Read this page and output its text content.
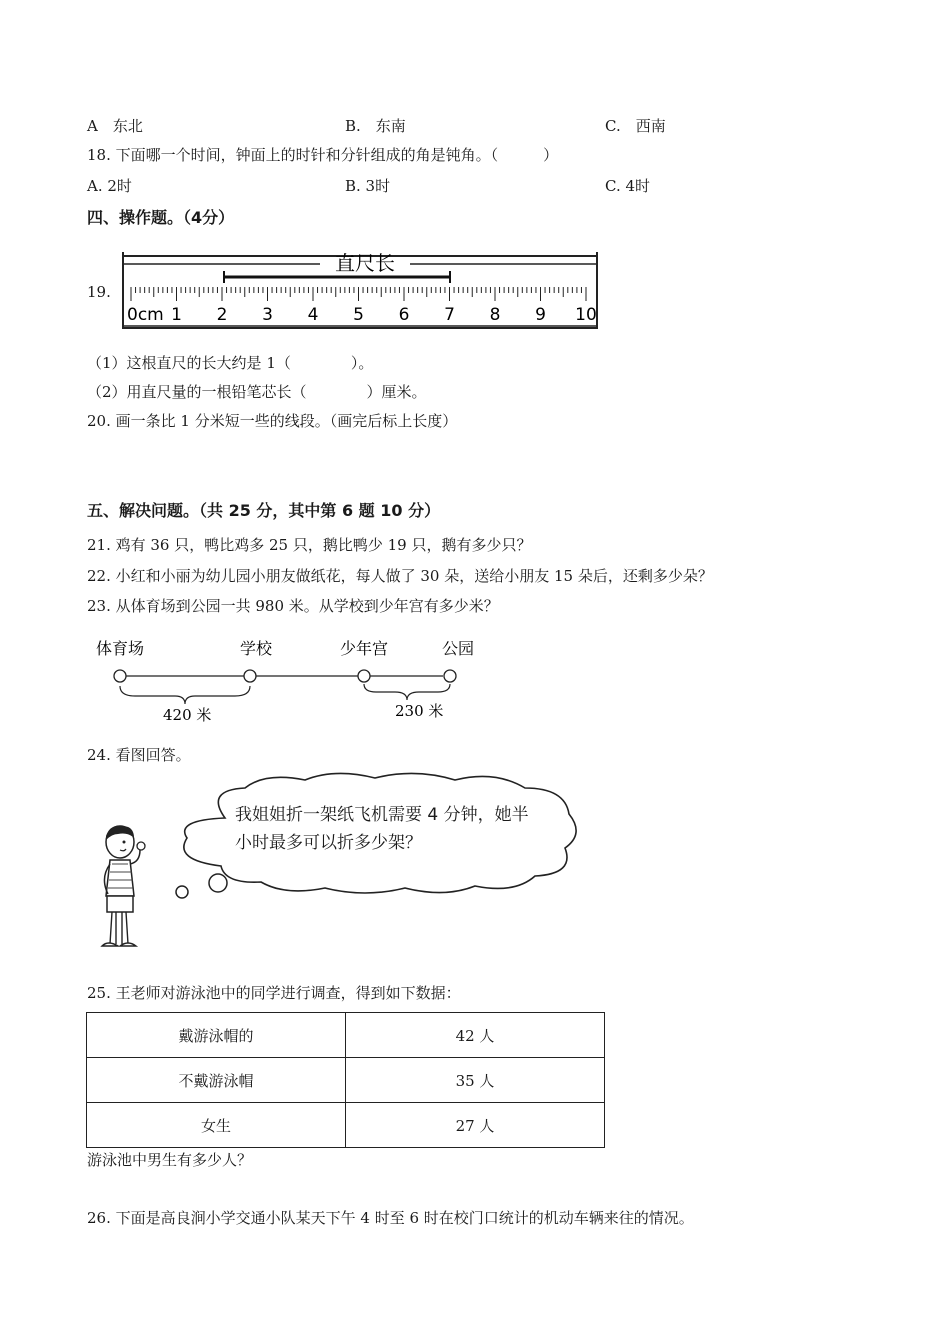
A　东北	B.　东南	C.　西南
18. 下面哪一个时间，钟面上的时针和分针组成的角是钝角。（　　　）
A. 2时	B. 3时	C. 4时
四、操作题。（4分）
19.
直尺长
0cm 1 2 3 4 5 6 7 8 9 10
（1）这根直尺的长大约是 1（　　　　）。
（2）用直尺量的一根铅笔芯长（　　　　）厘米。
20. 画一条比 1 分米短一些的线段。（画完后标上长度）
五、解决问题。（共 25 分，其中第 6 题 10 分）
21. 鸡有 36 只，鸭比鸡多 25 只，鹅比鸭少 19 只，鹅有多少只？
22. 小红和小丽为幼儿园小朋友做纸花，每人做了 30 朵，送给小朋友 15 朵后，还剩多少朵？
23. 从体育场到公园一共 980 米。从学校到少年宫有多少米？
体育场	学校	少年宫	公园
420 米	230 米
24. 看图回答。
我姐姐折一架纸飞机需要 4 分钟，她半
小时最多可以折多少架？
25. 王老师对游泳池中的同学进行调查，得到如下数据：
戴游泳帽的	42 人
不戴游泳帽	35 人
女生	27 人
游泳池中男生有多少人？
26. 下面是高良涧小学交通小队某天下午 4 时至 6 时在校门口统计的机动车辆来往的情况。
